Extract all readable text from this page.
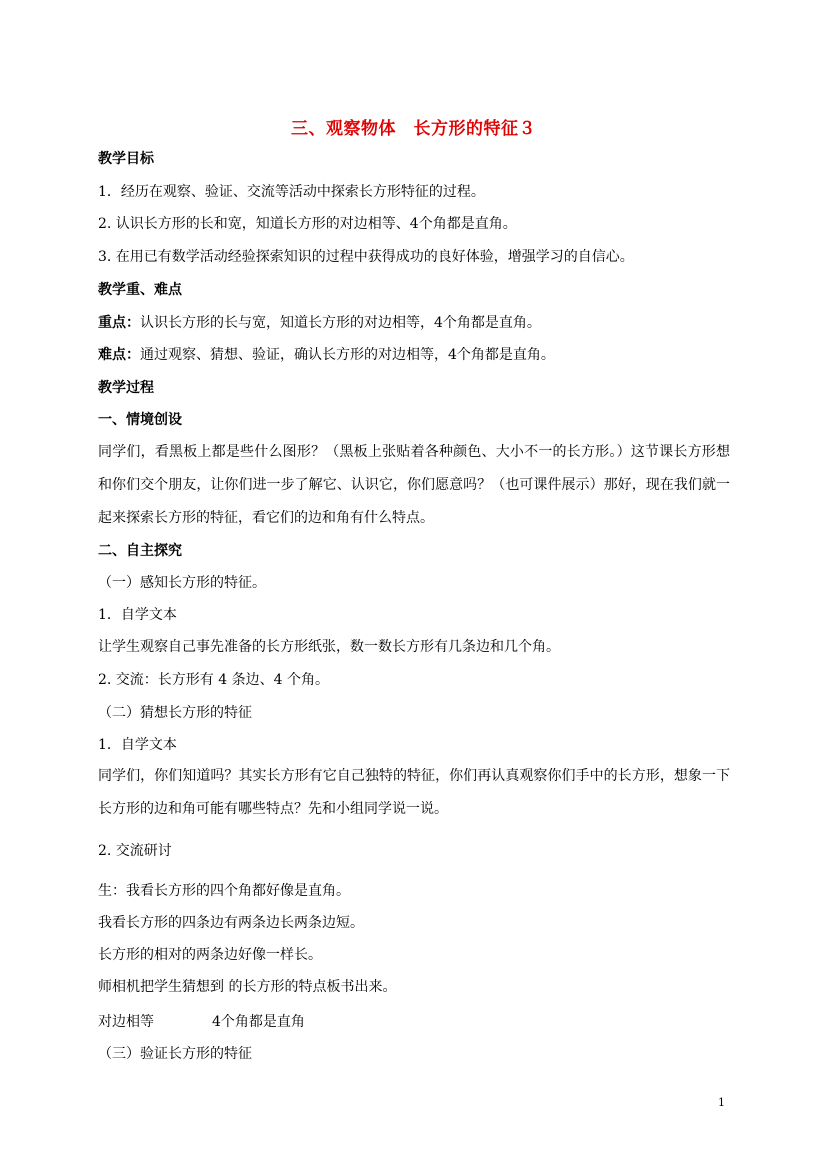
三、观察物体　长方形的特征３
教学目标
1．经历在观察、验证、交流等活动中探索长方形特征的过程。
2. 认识长方形的长和宽，知道长方形的对边相等、4个角都是直角。
3. 在用已有数学活动经验探索知识的过程中获得成功的良好体验，增强学习的自信心。
教学重、难点
重点：认识长方形的长与宽，知道长方形的对边相等，4个角都是直角。
难点：通过观察、猜想、验证，确认长方形的对边相等，4个角都是直角。
教学过程
一、情境创设
同学们，看黑板上都是些什么图形？（黑板上张贴着各种颜色、大小不一的长方形。）这节课长方形想和你们交个朋友，让你们进一步了解它、认识它，你们愿意吗？（也可课件展示）那好，现在我们就一起来探索长方形的特征，看它们的边和角有什么特点。
二、自主探究
（一）感知长方形的特征。
1．自学文本
让学生观察自己事先准备的长方形纸张，数一数长方形有几条边和几个角。
2. 交流：长方形有 4 条边、4 个角。
（二）猜想长方形的特征
1．自学文本
同学们，你们知道吗？其实长方形有它自己独特的特征，你们再认真观察你们手中的长方形，想象一下长方形的边和角可能有哪些特点？先和小组同学说一说。
2. 交流研讨
生：我看长方形的四个角都好像是直角。
我看长方形的四条边有两条边长两条边短。
长方形的相对的两条边好像一样长。
师相机把学生猜想到 的长方形的特点板书出来。
对边相等	4个角都是直角
（三）验证长方形的特征
1
